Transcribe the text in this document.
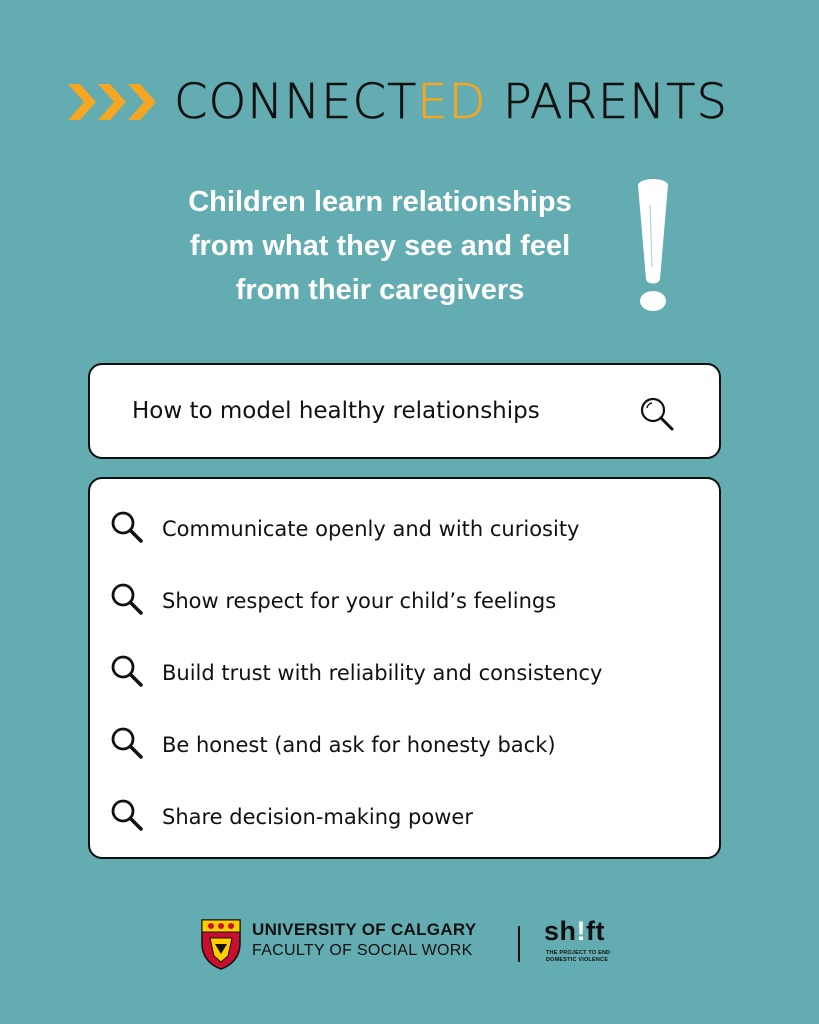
CONNECTED PARENTS
Children learn relationships
from what they see and feel
from their caregivers
How to model healthy relationships
Communicate openly and with curiosity
Show respect for your child’s feelings
Build trust with reliability and consistency
Be honest (and ask for honesty back)
Share decision-making power
UNIVERSITY OF CALGARY
FACULTY OF SOCIAL WORK
sh!ft
THE PROJECT TO END
DOMESTIC VIOLENCE
